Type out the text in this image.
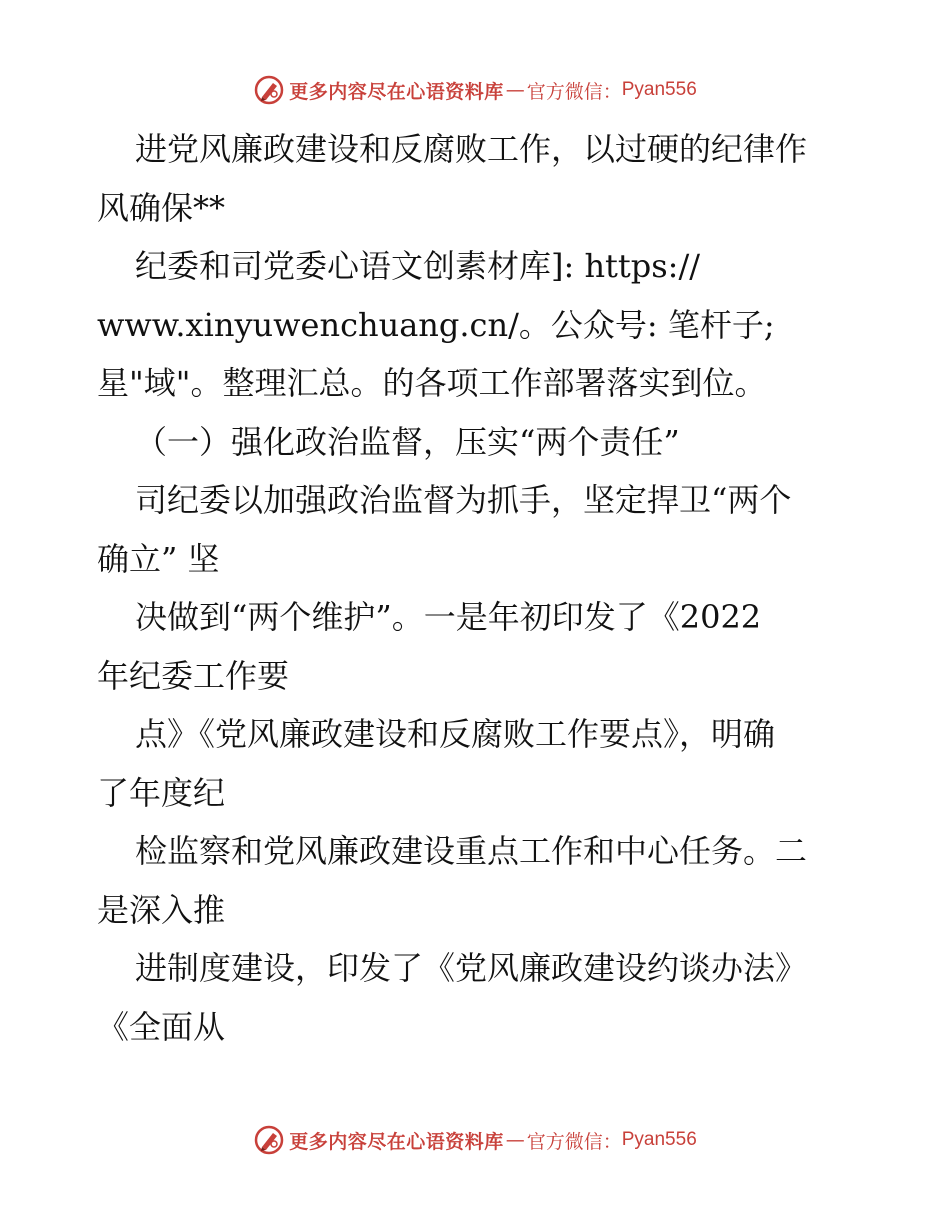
更多内容尽在心语资料库 — 官方微信： Pyan556
进党风廉政建设和反腐败工作，以过硬的纪律作
风确保**
纪委和司党委心语文创素材库]: https://
www.xinyuwenchuang.cn/。公众号: 笔杆子;
星"域"。整理汇总。的各项工作部署落实到位。
（一）强化政治监督，压实“两个责任”
司纪委以加强政治监督为抓手，坚定捍卫“两个
确立” 坚
决做到“两个维护”。一是年初印发了《2022
年纪委工作要
点》《党风廉政建设和反腐败工作要点》，明确
了年度纪
检监察和党风廉政建设重点工作和中心任务。二
是深入推
进制度建设，印发了《党风廉政建设约谈办法》
《全面从
更多内容尽在心语资料库 — 官方微信： Pyan556
